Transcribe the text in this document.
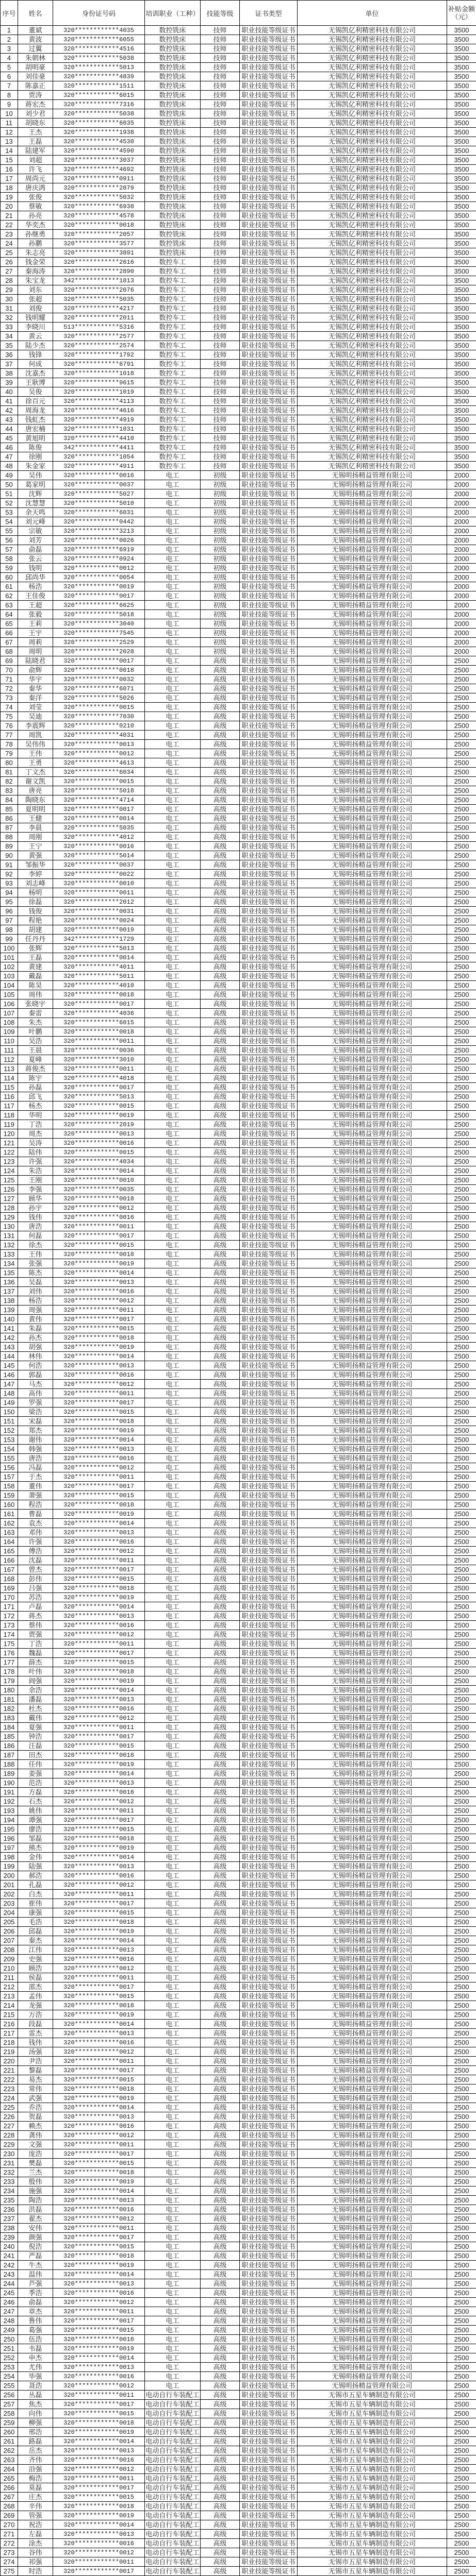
序号	姓名	身份证号码	培训职业（工种）	技能等级	证书类型	单位	补贴金额（元）
1	董斌	320************4035	数控铣床	技师	职业技能等级证书	无锡凯亿利精密科技有限公司	3500
2	黄波	320************6055	数控铣床	技师	职业技能等级证书	无锡凯亿利精密科技有限公司	3500
3	过翼	320************4516	数控铣床	技师	职业技能等级证书	无锡凯亿利精密科技有限公司	3500
4	朱朝林	320************5038	数控铣床	技师	职业技能等级证书	无锡凯亿利精密科技有限公司	3500
5	胡明豪	320************5013	数控铣床	技师	职业技能等级证书	无锡凯亿利精密科技有限公司	3500
6	刘佳豪	320************4839	数控铣床	技师	职业技能等级证书	无锡凯亿利精密科技有限公司	3500
7	陈嘉正	320************1511	数控铣床	技师	职业技能等级证书	无锡凯亿利精密科技有限公司	3500
8	贾涛	320************6015	数控铣床	技师	职业技能等级证书	无锡凯亿利精密科技有限公司	3500
9	蒋宏杰	320************7316	数控铣床	技师	职业技能等级证书	无锡凯亿利精密科技有限公司	3500
10	刘少君	320************5038	数控铣床	技师	职业技能等级证书	无锡凯亿利精密科技有限公司	3500
11	胡晓东	320************6035	数控铣床	技师	职业技能等级证书	无锡凯亿利精密科技有限公司	3500
12	王杰	320************1938	数控铣床	技师	职业技能等级证书	无锡凯亿利精密科技有限公司	3500
13	王磊	320************4530	数控铣床	技师	职业技能等级证书	无锡凯亿利精密科技有限公司	3500
14	陆建军	320************4590	数控铣床	技师	职业技能等级证书	无锡凯亿利精密科技有限公司	3500
15	刘超	320************3037	数控铣床	技师	职业技能等级证书	无锡凯亿利精密科技有限公司	3500
16	许飞	320************4692	数控铣床	技师	职业技能等级证书	无锡凯亿利精密科技有限公司	3500
17	周尚元	320************0911	数控铣床	技师	职业技能等级证书	无锡凯亿利精密科技有限公司	3500
18	唐庆鸿	320************2879	数控铣床	技师	职业技能等级证书	无锡凯亿利精密科技有限公司	3500
19	张俊	320************5032	数控铣床	技师	职业技能等级证书	无锡凯亿利精密科技有限公司	3500
20	蔡敏	320************6938	数控铣床	技师	职业技能等级证书	无锡凯亿利精密科技有限公司	3500
21	孙亮	320************4578	数控铣床	技师	职业技能等级证书	无锡凯亿利精密科技有限公司	3500
22	华奕杰	320************0018	数控铣床	技师	职业技能等级证书	无锡凯亿利精密科技有限公司	3500
23	孙继勇	320************2057	数控铣床	技师	职业技能等级证书	无锡凯亿利精密科技有限公司	3500
24	孙鹏	320************3577	数控铣床	技师	职业技能等级证书	无锡凯亿利精密科技有限公司	3500
25	朱志亮	320************3891	数控铣床	技师	职业技能等级证书	无锡凯亿利精密科技有限公司	3500
26	钱金荣	320************2616	数控车工	技师	职业技能等级证书	无锡凯亿利精密科技有限公司	3500
27	秦海涛	320************2890	数控车工	技师	职业技能等级证书	无锡凯亿利精密科技有限公司	3500
28	朱宝龙	342************1813	数控车工	技师	职业技能等级证书	无锡凯亿利精密科技有限公司	3500
29	刘东	320************2076	数控车工	技师	职业技能等级证书	无锡凯亿利精密科技有限公司	3500
30	张超	320************5035	数控车工	技师	职业技能等级证书	无锡凯亿利精密科技有限公司	3500
31	刘俊	320************4217	数控车工	技师	职业技能等级证书	无锡凯亿利精密科技有限公司	3500
32	钱明耀	320************2011	数控车工	技师	职业技能等级证书	无锡凯亿利精密科技有限公司	3500
33	李晓川	513************5316	数控车工	技师	职业技能等级证书	无锡凯亿利精密科技有限公司	3500
34	黄云	320************2577	数控车工	技师	职业技能等级证书	无锡凯亿利精密科技有限公司	3500
35	陆少杰	320************2574	数控车工	技师	职业技能等级证书	无锡凯亿利精密科技有限公司	3500
36	钱锋	320************1792	数控车工	技师	职业技能等级证书	无锡凯亿利精密科技有限公司	3500
37	何成	320************6791	数控车工	技师	职业技能等级证书	无锡凯亿利精密科技有限公司	3500
38	沈嘉杰	320************1018	数控车工	技师	职业技能等级证书	无锡凯亿利精密科技有限公司	3500
39	王耿博	320************9615	数控车工	技师	职业技能等级证书	无锡凯亿利精密科技有限公司	3500
40	吴俊	320************1019	数控车工	技师	职业技能等级证书	无锡凯亿利精密科技有限公司	3500
41	徐百元	320************4113	数控车工	技师	职业技能等级证书	无锡凯亿利精密科技有限公司	3500
42	周海龙	320************4616	数控车工	技师	职业技能等级证书	无锡凯亿利精密科技有限公司	3500
43	钱虹杰	320************4919	数控车工	技师	职业技能等级证书	无锡凯亿利精密科技有限公司	3500
44	唐宏楠	320************1031	数控车工	技师	职业技能等级证书	无锡凯亿利精密科技有限公司	3500
45	黄旭明	320************4410	数控车工	技师	职业技能等级证书	无锡凯亿利精密科技有限公司	3500
46	陈俊	342************4411	数控车工	技师	职业技能等级证书	无锡凯亿利精密科技有限公司	3500
47	徐刚	320************1054	数控车工	技师	职业技能等级证书	无锡凯亿利精密科技有限公司	3500
48	朱金家	320************4911	数控车工	技师	职业技能等级证书	无锡凯亿利精密科技有限公司	3500
49	吴伟	320************0016	电工	初级	职业技能等级证书	无锡明扬精益管理有限公司	2000
50	葛家明	320************0037	电工	初级	职业技能等级证书	无锡明扬精益管理有限公司	2000
51	沈辉	320************5027	电工	初级	职业技能等级证书	无锡明扬精益管理有限公司	2000
52	沈慧慧	320************5010	电工	初级	职业技能等级证书	无锡明扬精益管理有限公司	2000
53	余天鸣	320************6031	电工	初级	职业技能等级证书	无锡明扬精益管理有限公司	2000
54	刘元峰	320************0442	电工	初级	职业技能等级证书	无锡明扬精益管理有限公司	2000
55	宗敏	320************3213	电工	初级	职业技能等级证书	无锡明扬精益管理有限公司	2000
56	刘芳	320************0026	电工	初级	职业技能等级证书	无锡明扬精益管理有限公司	2000
57	俞磊	320************6919	电工	初级	职业技能等级证书	无锡明扬精益管理有限公司	2000
58	张云	320************0924	电工	初级	职业技能等级证书	无锡明扬精益管理有限公司	2000
59	钱明	320************0012	电工	初级	职业技能等级证书	无锡明扬精益管理有限公司	2000
60	邱尚华	320************0054	电工	初级	职业技能等级证书	无锡明扬精益管理有限公司	2000
61	杨浩	320************0019	电工	初级	职业技能等级证书	无锡明扬精益管理有限公司	2000
62	王佳俊	320************0017	电工	初级	职业技能等级证书	无锡明扬精益管理有限公司	2000
63	王超	320************6625	电工	初级	职业技能等级证书	无锡明扬精益管理有限公司	2000
64	张毅	320************5018	电工	初级	职业技能等级证书	无锡明扬精益管理有限公司	2000
65	王莉	320************3040	电工	初级	职业技能等级证书	无锡明扬精益管理有限公司	2000
66	王宇	320************7545	电工	初级	职业技能等级证书	无锡明扬精益管理有限公司	2000
67	周莉	320************2529	电工	初级	职业技能等级证书	无锡明扬精益管理有限公司	2000
68	周明	320************2028	电工	初级	职业技能等级证书	无锡明扬精益管理有限公司	2000
69	陆晓君	320************0017	电工	高级	职业技能等级证书	无锡明扬精益管理有限公司	2500
70	俞辉	320************0018	电工	高级	职业技能等级证书	无锡明扬精益管理有限公司	2500
71	华宇	320************0032	电工	高级	职业技能等级证书	无锡明扬精益管理有限公司	2500
72	秦华	320************6071	电工	高级	职业技能等级证书	无锡明扬精益管理有限公司	2500
73	秦洋	320************5026	电工	高级	职业技能等级证书	无锡明扬精益管理有限公司	2500
74	刘莹	320************0015	电工	高级	职业技能等级证书	无锡明扬精益管理有限公司	2500
75	吴迪	320************7030	电工	高级	职业技能等级证书	无锡明扬精益管理有限公司	2500
76	李震辉	320************0210	电工	高级	职业技能等级证书	无锡明扬精益管理有限公司	2500
77	周凯	320************4031	电工	高级	职业技能等级证书	无锡明扬精益管理有限公司	2500
78	吴伟伟	320************0013	电工	高级	职业技能等级证书	无锡明扬精益管理有限公司	2500
79	王伟	320************0012	电工	高级	职业技能等级证书	无锡明扬精益管理有限公司	2500
80	王勇	320************4613	电工	高级	职业技能等级证书	无锡明扬精益管理有限公司	2500
81	丁文杰	320************6034	电工	高级	职业技能等级证书	无锡明扬精益管理有限公司	2500
82	谢文凯	320************0015	电工	高级	职业技能等级证书	无锡明扬精益管理有限公司	2500
83	唐亮	320************5018	电工	高级	职业技能等级证书	无锡明扬精益管理有限公司	2500
84	陶晓东	320************4714	电工	高级	职业技能等级证书	无锡明扬精益管理有限公司	2500
85	夏明明	320************0017	电工	高级	职业技能等级证书	无锡明扬精益管理有限公司	2500
86	王健	320************0014	电工	高级	职业技能等级证书	无锡明扬精益管理有限公司	2500
87	李晨	320************5035	电工	高级	职业技能等级证书	无锡明扬精益管理有限公司	2500
88	周刚	320************4012	电工	高级	职业技能等级证书	无锡明扬精益管理有限公司	2500
89	王宁	320************0016	电工	高级	职业技能等级证书	无锡明扬精益管理有限公司	2500
90	黄强	320************5014	电工	高级	职业技能等级证书	无锡明扬精益管理有限公司	2500
91	邹振华	320************0037	电工	高级	职业技能等级证书	无锡明扬精益管理有限公司	2500
92	李婷	320************0022	电工	高级	职业技能等级证书	无锡明扬精益管理有限公司	2500
93	刘志峰	320************0010	电工	高级	职业技能等级证书	无锡明扬精益管理有限公司	2500
94	杨明	320************0011	电工	高级	职业技能等级证书	无锡明扬精益管理有限公司	2500
95	徐磊	320************2012	电工	高级	职业技能等级证书	无锡明扬精益管理有限公司	2500
96	钱俊	320************0031	电工	高级	职业技能等级证书	无锡明扬精益管理有限公司	2500
97	程艳	320************0024	电工	高级	职业技能等级证书	无锡明扬精益管理有限公司	2500
98	胡建	320************0019	电工	高级	职业技能等级证书	无锡明扬精益管理有限公司	2500
99	任丹丹	342************1729	电工	高级	职业技能等级证书	无锡明扬精益管理有限公司	2500
100	张辉	320************5013	电工	高级	职业技能等级证书	无锡明扬精益管理有限公司	2500
101	王磊	320************0014	电工	高级	职业技能等级证书	无锡明扬精益管理有限公司	2500
102	黄建	320************4011	电工	高级	职业技能等级证书	无锡明扬精益管理有限公司	2500
103	戴磊	320************5011	电工	高级	职业技能等级证书	无锡明扬精益管理有限公司	2500
104	陈昊	320************4010	电工	高级	职业技能等级证书	无锡明扬精益管理有限公司	2500
105	周伟	320************0018	电工	高级	职业技能等级证书	无锡明扬精益管理有限公司	2500
106	张晓宇	320************0017	电工	高级	职业技能等级证书	无锡明扬精益管理有限公司	2500
107	秦雷	320************4036	电工	高级	职业技能等级证书	无锡明扬精益管理有限公司	2500
108	朱杰	320************6015	电工	高级	职业技能等级证书	无锡明扬精益管理有限公司	2500
109	叶鹏	320************0018	电工	高级	职业技能等级证书	无锡明扬精益管理有限公司	2500
110	吴浩	320************0011	电工	高级	职业技能等级证书	无锡明扬精益管理有限公司	2500
111	王晨	320************0036	电工	高级	职业技能等级证书	无锡明扬精益管理有限公司	2500
112	夏峰	320************3010	电工	高级	职业技能等级证书	无锡明扬精益管理有限公司	2500
113	蒋俊杰	320************0011	电工	高级	职业技能等级证书	无锡明扬精益管理有限公司	2500
114	陈宇	320************4018	电工	高级	职业技能等级证书	无锡明扬精益管理有限公司	2500
115	孙磊	320************0017	电工	高级	职业技能等级证书	无锡明扬精益管理有限公司	2500
116	邱飞	320************5013	电工	高级	职业技能等级证书	无锡明扬精益管理有限公司	2500
117	杨杰	320************0015	电工	高级	职业技能等级证书	无锡明扬精益管理有限公司	2500
118	华明	320************0019	电工	高级	职业技能等级证书	无锡明扬精益管理有限公司	2500
119	丁浩	320************2019	电工	高级	职业技能等级证书	无锡明扬精益管理有限公司	2500
120	周杰	320************0013	电工	高级	职业技能等级证书	无锡明扬精益管理有限公司	2500
121	吴涛	320************0016	电工	高级	职业技能等级证书	无锡明扬精益管理有限公司	2500
122	陆伟	320************0015	电工	高级	职业技能等级证书	无锡明扬精益管理有限公司	2500
123	许强	320************4034	电工	高级	职业技能等级证书	无锡明扬精益管理有限公司	2500
124	朱浩	320************0014	电工	高级	职业技能等级证书	无锡明扬精益管理有限公司	2500
125	王刚	320************0010	电工	高级	职业技能等级证书	无锡明扬精益管理有限公司	2500
126	李强	320************0035	电工	高级	职业技能等级证书	无锡明扬精益管理有限公司	2500
127	顾华	320************0018	电工	高级	职业技能等级证书	无锡明扬精益管理有限公司	2500
128	孙宇	320************0012	电工	高级	职业技能等级证书	无锡明扬精益管理有限公司	2500
129	钱伟	320************0016	电工	高级	职业技能等级证书	无锡明扬精益管理有限公司	2500
130	唐浩	320************0011	电工	高级	职业技能等级证书	无锡明扬精益管理有限公司	2500
131	何磊	320************0017	电工	高级	职业技能等级证书	无锡明扬精益管理有限公司	2500
132	徐杰	320************0015	电工	高级	职业技能等级证书	无锡明扬精益管理有限公司	2500
133	王伟	320************0018	电工	高级	职业技能等级证书	无锡明扬精益管理有限公司	2500
134	张强	320************0019	电工	高级	职业技能等级证书	无锡明扬精益管理有限公司	2500
135	陈杰	320************0014	电工	高级	职业技能等级证书	无锡明扬精益管理有限公司	2500
136	吴磊	320************0013	电工	高级	职业技能等级证书	无锡明扬精益管理有限公司	2500
137	刘伟	320************0016	电工	高级	职业技能等级证书	无锡明扬精益管理有限公司	2500
138	杨浩	320************0012	电工	高级	职业技能等级证书	无锡明扬精益管理有限公司	2500
139	周强	320************0011	电工	高级	职业技能等级证书	无锡明扬精益管理有限公司	2500
140	黄伟	320************0017	电工	高级	职业技能等级证书	无锡明扬精益管理有限公司	2500
141	朱磊	320************0015	电工	高级	职业技能等级证书	无锡明扬精益管理有限公司	2500
142	孙杰	320************0018	电工	高级	职业技能等级证书	无锡明扬精益管理有限公司	2500
143	胡强	320************0019	电工	高级	职业技能等级证书	无锡明扬精益管理有限公司	2500
144	林伟	320************0014	电工	高级	职业技能等级证书	无锡明扬精益管理有限公司	2500
145	何浩	320************0013	电工	高级	职业技能等级证书	无锡明扬精益管理有限公司	2500
146	郭磊	320************0016	电工	高级	职业技能等级证书	无锡明扬精益管理有限公司	2500
147	马杰	320************0012	电工	高级	职业技能等级证书	无锡明扬精益管理有限公司	2500
148	高伟	320************0011	电工	高级	职业技能等级证书	无锡明扬精益管理有限公司	2500
149	罗强	320************0017	电工	高级	职业技能等级证书	无锡明扬精益管理有限公司	2500
150	梁浩	320************0015	电工	高级	职业技能等级证书	无锡明扬精益管理有限公司	2500
151	宋磊	320************0018	电工	高级	职业技能等级证书	无锡明扬精益管理有限公司	2500
152	郑杰	320************0019	电工	高级	职业技能等级证书	无锡明扬精益管理有限公司	2500
153	谢伟	320************0014	电工	高级	职业技能等级证书	无锡明扬精益管理有限公司	2500
154	韩强	320************0013	电工	高级	职业技能等级证书	无锡明扬精益管理有限公司	2500
155	唐浩	320************0016	电工	高级	职业技能等级证书	无锡明扬精益管理有限公司	2500
156	冯磊	320************0012	电工	高级	职业技能等级证书	无锡明扬精益管理有限公司	2500
157	于杰	320************0011	电工	高级	职业技能等级证书	无锡明扬精益管理有限公司	2500
158	董伟	320************0017	电工	高级	职业技能等级证书	无锡明扬精益管理有限公司	2500
159	萧强	320************0015	电工	高级	职业技能等级证书	无锡明扬精益管理有限公司	2500
160	程浩	320************0018	电工	高级	职业技能等级证书	无锡明扬精益管理有限公司	2500
161	曹磊	320************0019	电工	高级	职业技能等级证书	无锡明扬精益管理有限公司	2500
162	袁杰	320************0014	电工	高级	职业技能等级证书	无锡明扬精益管理有限公司	2500
163	邓伟	320************0013	电工	高级	职业技能等级证书	无锡明扬精益管理有限公司	2500
164	许强	320************0016	电工	高级	职业技能等级证书	无锡明扬精益管理有限公司	2500
165	傅浩	320************0012	电工	高级	职业技能等级证书	无锡明扬精益管理有限公司	2500
166	沈磊	320************0011	电工	高级	职业技能等级证书	无锡明扬精益管理有限公司	2500
167	曾杰	320************0017	电工	高级	职业技能等级证书	无锡明扬精益管理有限公司	2500
168	彭伟	320************0015	电工	高级	职业技能等级证书	无锡明扬精益管理有限公司	2500
169	吕强	320************0018	电工	高级	职业技能等级证书	无锡明扬精益管理有限公司	2500
170	苏浩	320************0019	电工	高级	职业技能等级证书	无锡明扬精益管理有限公司	2500
171	卢磊	320************0014	电工	高级	职业技能等级证书	无锡明扬精益管理有限公司	2500
172	蒋杰	320************0013	电工	高级	职业技能等级证书	无锡明扬精益管理有限公司	2500
173	蔡伟	320************0016	电工	高级	职业技能等级证书	无锡明扬精益管理有限公司	2500
174	贾强	320************0012	电工	高级	职业技能等级证书	无锡明扬精益管理有限公司	2500
175	丁浩	320************0011	电工	高级	职业技能等级证书	无锡明扬精益管理有限公司	2500
176	魏磊	320************0017	电工	高级	职业技能等级证书	无锡明扬精益管理有限公司	2500
177	薛杰	320************0015	电工	高级	职业技能等级证书	无锡明扬精益管理有限公司	2500
178	叶伟	320************0018	电工	高级	职业技能等级证书	无锡明扬精益管理有限公司	2500
179	阎强	320************0019	电工	高级	职业技能等级证书	无锡明扬精益管理有限公司	2500
180	余浩	320************0014	电工	高级	职业技能等级证书	无锡明扬精益管理有限公司	2500
181	潘磊	320************0013	电工	高级	职业技能等级证书	无锡明扬精益管理有限公司	2500
182	杜杰	320************0016	电工	高级	职业技能等级证书	无锡明扬精益管理有限公司	2500
183	戴伟	320************0012	电工	高级	职业技能等级证书	无锡明扬精益管理有限公司	2500
184	夏强	320************0011	电工	高级	职业技能等级证书	无锡明扬精益管理有限公司	2500
185	钟浩	320************0017	电工	高级	职业技能等级证书	无锡明扬精益管理有限公司	2500
186	汪磊	320************0015	电工	高级	职业技能等级证书	无锡明扬精益管理有限公司	2500
187	田杰	320************0018	电工	高级	职业技能等级证书	无锡明扬精益管理有限公司	2500
188	任伟	320************0019	电工	高级	职业技能等级证书	无锡明扬精益管理有限公司	2500
189	姜强	320************0014	电工	高级	职业技能等级证书	无锡明扬精益管理有限公司	2500
190	范浩	320************0013	电工	高级	职业技能等级证书	无锡明扬精益管理有限公司	2500
191	方磊	320************0016	电工	高级	职业技能等级证书	无锡明扬精益管理有限公司	2500
192	石杰	320************0012	电工	高级	职业技能等级证书	无锡明扬精益管理有限公司	2500
193	姚伟	320************0011	电工	高级	职业技能等级证书	无锡明扬精益管理有限公司	2500
194	谭强	320************0017	电工	高级	职业技能等级证书	无锡明扬精益管理有限公司	2500
195	廖浩	320************0015	电工	高级	职业技能等级证书	无锡明扬精益管理有限公司	2500
196	邹磊	320************0018	电工	高级	职业技能等级证书	无锡明扬精益管理有限公司	2500
197	熊杰	320************0019	电工	高级	职业技能等级证书	无锡明扬精益管理有限公司	2500
198	金伟	320************0014	电工	高级	职业技能等级证书	无锡明扬精益管理有限公司	2500
199	陆强	320************0013	电工	高级	职业技能等级证书	无锡明扬精益管理有限公司	2500
200	郝浩	320************0016	电工	高级	职业技能等级证书	无锡明扬精益管理有限公司	2500
201	孔磊	320************0012	电工	高级	职业技能等级证书	无锡明扬精益管理有限公司	2500
202	白杰	320************0011	电工	高级	职业技能等级证书	无锡明扬精益管理有限公司	2500
203	崔伟	320************0017	电工	高级	职业技能等级证书	无锡明扬精益管理有限公司	2500
204	康强	320************0015	电工	高级	职业技能等级证书	无锡明扬精益管理有限公司	2500
205	毛浩	320************0018	电工	高级	职业技能等级证书	无锡明扬精益管理有限公司	2500
206	邱磊	320************0019	电工	高级	职业技能等级证书	无锡明扬精益管理有限公司	2500
207	秦杰	320************0014	电工	高级	职业技能等级证书	无锡明扬精益管理有限公司	2500
208	江伟	320************0013	电工	高级	职业技能等级证书	无锡明扬精益管理有限公司	2500
209	史强	320************0016	电工	高级	职业技能等级证书	无锡明扬精益管理有限公司	2500
210	顾浩	320************0012	电工	高级	职业技能等级证书	无锡明扬精益管理有限公司	2500
211	侯磊	320************0011	电工	高级	职业技能等级证书	无锡明扬精益管理有限公司	2500
212	邵杰	320************0017	电工	高级	职业技能等级证书	无锡明扬精益管理有限公司	2500
213	孟伟	320************0015	电工	高级	职业技能等级证书	无锡明扬精益管理有限公司	2500
214	龙强	320************0018	电工	高级	职业技能等级证书	无锡明扬精益管理有限公司	2500
215	万浩	320************0019	电工	高级	职业技能等级证书	无锡明扬精益管理有限公司	2500
216	段磊	320************0014	电工	高级	职业技能等级证书	无锡明扬精益管理有限公司	2500
217	雷杰	320************0013	电工	高级	职业技能等级证书	无锡明扬精益管理有限公司	2500
218	钱伟	320************0016	电工	高级	职业技能等级证书	无锡明扬精益管理有限公司	2500
219	汤强	320************0012	电工	高级	职业技能等级证书	无锡明扬精益管理有限公司	2500
220	尹浩	320************0011	电工	高级	职业技能等级证书	无锡明扬精益管理有限公司	2500
221	黎磊	320************0017	电工	高级	职业技能等级证书	无锡明扬精益管理有限公司	2500
222	易杰	320************0015	电工	高级	职业技能等级证书	无锡明扬精益管理有限公司	2500
223	常伟	320************0018	电工	高级	职业技能等级证书	无锡明扬精益管理有限公司	2500
224	武强	320************0019	电工	高级	职业技能等级证书	无锡明扬精益管理有限公司	2500
225	乔浩	320************0014	电工	高级	职业技能等级证书	无锡明扬精益管理有限公司	2500
226	贺磊	320************0013	电工	高级	职业技能等级证书	无锡明扬精益管理有限公司	2500
227	赖杰	320************0016	电工	高级	职业技能等级证书	无锡明扬精益管理有限公司	2500
228	龚伟	320************0012	电工	高级	职业技能等级证书	无锡明扬精益管理有限公司	2500
229	文强	320************0011	电工	高级	职业技能等级证书	无锡明扬精益管理有限公司	2500
230	庞浩	320************0017	电工	高级	职业技能等级证书	无锡明扬精益管理有限公司	2500
231	樊磊	320************0015	电工	高级	职业技能等级证书	无锡明扬精益管理有限公司	2500
232	兰杰	320************0018	电工	高级	职业技能等级证书	无锡明扬精益管理有限公司	2500
233	殷伟	320************0019	电工	高级	职业技能等级证书	无锡明扬精益管理有限公司	2500
234	施强	320************0014	电工	高级	职业技能等级证书	无锡明扬精益管理有限公司	2500
235	陶浩	320************0013	电工	高级	职业技能等级证书	无锡明扬精益管理有限公司	2500
236	洪磊	320************0016	电工	高级	职业技能等级证书	无锡明扬精益管理有限公司	2500
237	翟杰	320************0012	电工	高级	职业技能等级证书	无锡明扬精益管理有限公司	2500
238	安伟	320************0011	电工	高级	职业技能等级证书	无锡明扬精益管理有限公司	2500
239	颜强	320************0017	电工	高级	职业技能等级证书	无锡明扬精益管理有限公司	2500
240	倪浩	320************0015	电工	高级	职业技能等级证书	无锡明扬精益管理有限公司	2500
241	严磊	320************0018	电工	高级	职业技能等级证书	无锡明扬精益管理有限公司	2500
242	牛杰	320************0019	电工	高级	职业技能等级证书	无锡明扬精益管理有限公司	2500
243	温伟	320************0014	电工	高级	职业技能等级证书	无锡明扬精益管理有限公司	2500
244	芦强	320************0013	电工	高级	职业技能等级证书	无锡明扬精益管理有限公司	2500
245	季浩	320************0016	电工	高级	职业技能等级证书	无锡明扬精益管理有限公司	2500
246	俞磊	320************0012	电工	高级	职业技能等级证书	无锡明扬精益管理有限公司	2500
247	章杰	320************0011	电工	高级	职业技能等级证书	无锡明扬精益管理有限公司	2500
248	鲁伟	320************0017	电工	高级	职业技能等级证书	无锡明扬精益管理有限公司	2500
249	葛强	320************0015	电工	高级	职业技能等级证书	无锡明扬精益管理有限公司	2500
250	伍浩	320************0018	电工	高级	职业技能等级证书	无锡明扬精益管理有限公司	2500
251	韦磊	320************0019	电工	高级	职业技能等级证书	无锡明扬精益管理有限公司	2500
252	申杰	320************0014	电工	高级	职业技能等级证书	无锡明扬精益管理有限公司	2500
253	尤伟	320************0013	电工	高级	职业技能等级证书	无锡明扬精益管理有限公司	2500
254	毕强	320************0016	电工	高级	职业技能等级证书	无锡明扬精益管理有限公司	2500
255	聂浩	320************0012	电工	高级	职业技能等级证书	无锡明扬精益管理有限公司	2500
256	丛磊	320************0011	电动自行车装配工	高级	职业技能等级证书	无锡市五星车辆制造有限公司	2500
257	焦杰	320************0017	电动自行车装配工	高级	职业技能等级证书	无锡市五星车辆制造有限公司	2500
258	向伟	320************0015	电动自行车装配工	高级	职业技能等级证书	无锡市五星车辆制造有限公司	2500
259	柳强	320************0018	电动自行车装配工	高级	职业技能等级证书	无锡市五星车辆制造有限公司	2500
260	邢浩	320************0019	电动自行车装配工	高级	职业技能等级证书	无锡市五星车辆制造有限公司	2500
261	路磊	320************0014	电动自行车装配工	高级	职业技能等级证书	无锡市五星车辆制造有限公司	2500
262	岳杰	320************0013	电动自行车装配工	高级	职业技能等级证书	无锡市五星车辆制造有限公司	2500
263	齐伟	320************0016	电动自行车装配工	高级	职业技能等级证书	无锡市五星车辆制造有限公司	2500
264	沿强	320************0012	电动自行车装配工	高级	职业技能等级证书	无锡市五星车辆制造有限公司	2500
265	梅浩	320************0011	电动自行车装配工	高级	职业技能等级证书	无锡市五星车辆制造有限公司	2500
266	莫磊	320************0017	电动自行车装配工	高级	职业技能等级证书	无锡市五星车辆制造有限公司	2500
267	庄杰	320************0015	电动自行车装配工	高级	职业技能等级证书	无锡市五星车辆制造有限公司	2500
268	辛伟	320************0018	电动自行车装配工	高级	职业技能等级证书	无锡市五星车辆制造有限公司	2500
269	管强	320************0019	电动自行车装配工	高级	职业技能等级证书	无锡市五星车辆制造有限公司	2500
270	祝浩	320************0014	电动自行车装配工	高级	职业技能等级证书	无锡市五星车辆制造有限公司	2500
271	左磊	320************0013	电动自行车装配工	高级	职业技能等级证书	无锡市五星车辆制造有限公司	2500
272	涂杰	320************0016	电动自行车装配工	高级	职业技能等级证书	无锡市五星车辆制造有限公司	2500
273	谷伟	320************0012	电动自行车装配工	高级	职业技能等级证书	无锡市五星车辆制造有限公司	2500
274	祁强	320************0011	电动自行车装配工	高级	职业技能等级证书	无锡市五星车辆制造有限公司	2500
275	时浩	320************0017	电动自行车装配工	高级	职业技能等级证书	无锡市五星车辆制造有限公司	2500
